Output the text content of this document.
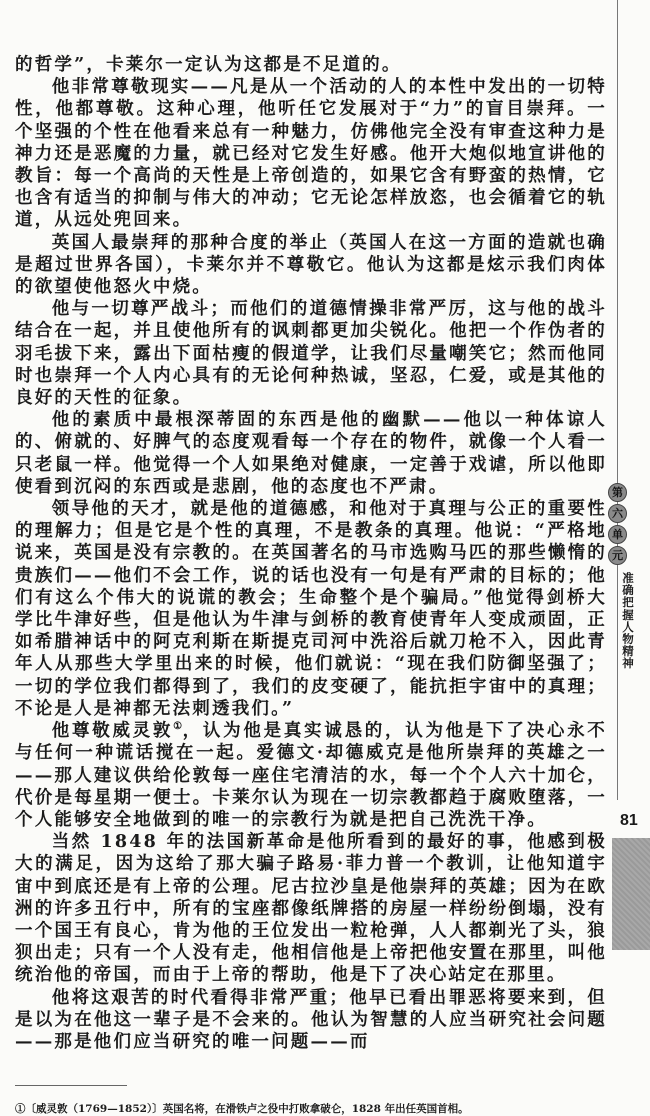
第
六
单
元
准确把握人物精神
81

的哲学”，卡莱尔一定认为这都是不足道的。

他非常尊敬现实——凡是从一个活动的人的本性中发出的一切特性，他都尊敬。这种心理，他听任它发展对于“力”的盲目崇拜。一个坚强的个性在他看来总有一种魅力，仿佛他完全没有审查这种力是神力还是恶魔的力量，就已经对它发生好感。他开大炮似地宣讲他的教旨：每一个高尚的天性是上帝创造的，如果它含有野蛮的热情，它也含有适当的抑制与伟大的冲动；它无论怎样放恣，也会循着它的轨道，从远处兜回来。

英国人最崇拜的那种合度的举止（英国人在这一方面的造就也确是超过世界各国），卡莱尔并不尊敬它。他认为这都是炫示我们肉体的欲望使他怒火中烧。

他与一切尊严战斗；而他们的道德情操非常严厉，这与他的战斗结合在一起，并且使他所有的讽刺都更加尖锐化。他把一个作伪者的羽毛拔下来，露出下面枯瘦的假道学，让我们尽量嘲笑它；然而他同时也崇拜一个人内心具有的无论何种热诚，坚忍，仁爱，或是其他的良好的天性的征象。

他的素质中最根深蒂固的东西是他的幽默——他以一种体谅人的、俯就的、好脾气的态度观看每一个存在的物件，就像一个人看一只老鼠一样。他觉得一个人如果绝对健康，一定善于戏谑，所以他即使看到沉闷的东西或是悲剧，他的态度也不严肃。

领导他的天才，就是他的道德感，和他对于真理与公正的重要性的理解力；但是它是个性的真理，不是教条的真理。他说：“严格地说来，英国是没有宗教的。在英国著名的马市选购马匹的那些懒惰的贵族们——他们不会工作，说的话也没有一句是有严肃的目标的；他们有这么个伟大的说谎的教会；生命整个是个骗局。”他觉得剑桥大学比牛津好些，但是他认为牛津与剑桥的教育使青年人变成顽固，正如希腊神话中的阿克利斯在斯提克司河中洗浴后就刀枪不入，因此青年人从那些大学里出来的时候，他们就说：“现在我们防御坚强了；一切的学位我们都得到了，我们的皮变硬了，能抗拒宇宙中的真理；不论是人是神都无法刺透我们。”

他尊敬威灵敦①，认为他是真实诚恳的，认为他是下了决心永不与任何一种谎话搅在一起。爱德文·却德威克是他所崇拜的英雄之一——那人建议供给伦敦每一座住宅清洁的水，每一个个人六十加仑，代价是每星期一便士。卡莱尔认为现在一切宗教都趋于腐败堕落，一个人能够安全地做到的唯一的宗教行为就是把自己洗洗干净。

当然 1848 年的法国新革命是他所看到的最好的事，他感到极大的满足，因为这给了那大骗子路易·菲力普一个教训，让他知道宇宙中到底还是有上帝的公理。尼古拉沙皇是他崇拜的英雄；因为在欧洲的许多丑行中，所有的宝座都像纸牌搭的房屋一样纷纷倒塌，没有一个国王有良心，肯为他的王位发出一粒枪弹，人人都剃光了头，狼狈出走；只有一个人没有走，他相信他是上帝把他安置在那里，叫他统治他的帝国，而由于上帝的帮助，他是下了决心站定在那里。

他将这艰苦的时代看得非常严重；他早已看出罪恶将要来到，但是以为在他这一辈子是不会来的。他认为智慧的人应当研究社会问题——那是他们应当研究的唯一问题——而

①〔威灵敦（1769—1852）〕英国名将，在滑铁卢之役中打败拿破仑，1828 年出任英国首相。
